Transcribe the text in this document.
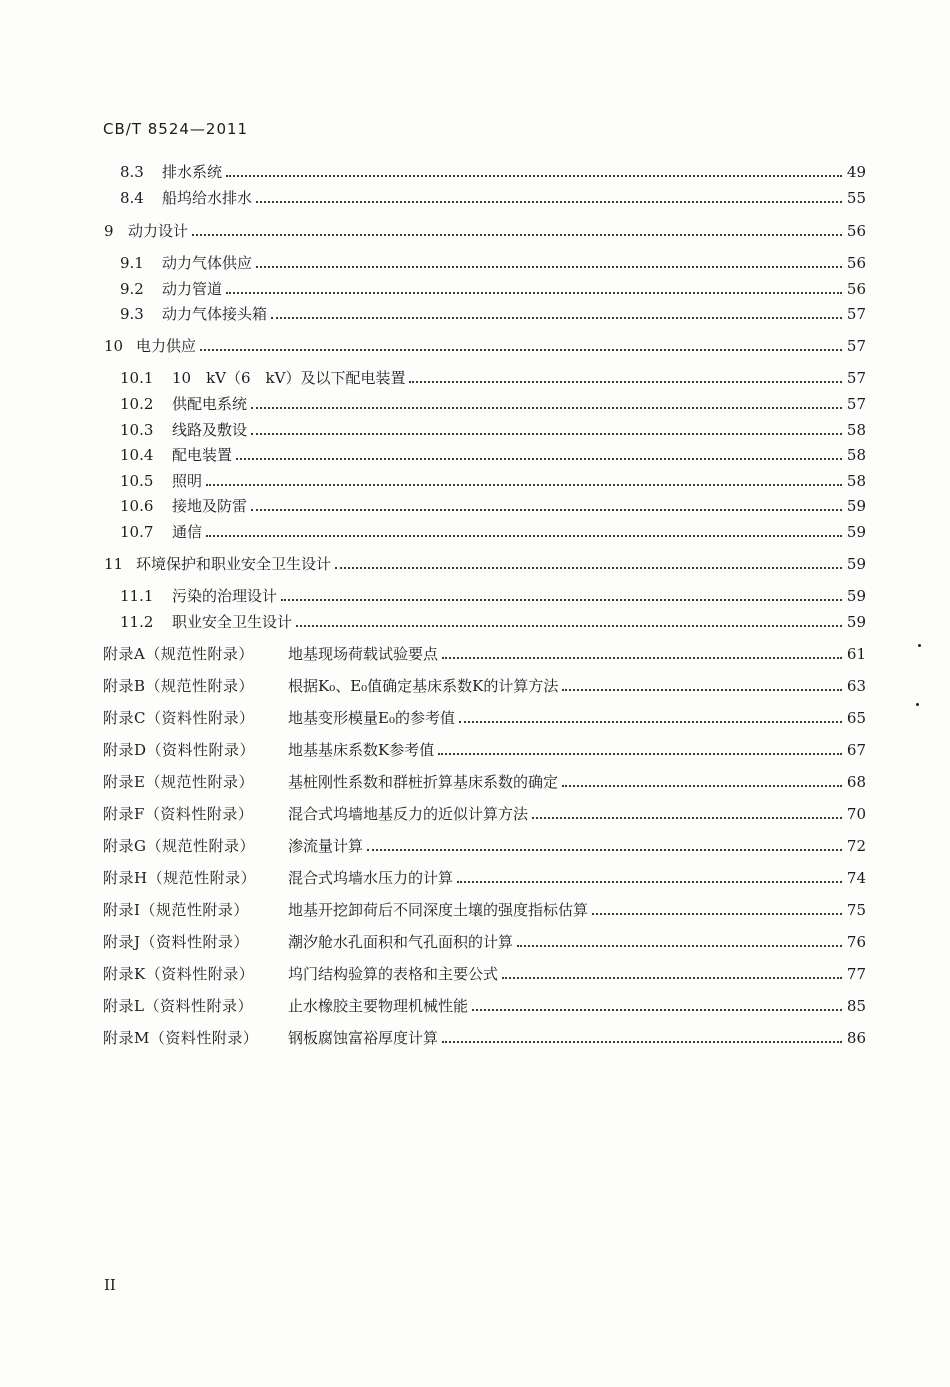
CB/T 8524—2011
8.3	排水系统	49
8.4	船坞给水排水	55
9 动力设计	56
9.1	动力气体供应	56
9.2	动力管道	56
9.3	动力气体接头箱	57
10 电力供应	57
10.1	10　kV（6　kV）及以下配电装置	57
10.2	供配电系统	57
10.3	线路及敷设	58
10.4	配电装置	58
10.5	照明	58
10.6	接地及防雷	59
10.7	通信	59
11 环境保护和职业安全卫生设计	59
11.1	污染的治理设计	59
11.2	职业安全卫生设计	59
附录A（规范性附录）	地基现场荷载试验要点	61
附录B（规范性附录）	根据K₀、E₀值确定基床系数K的计算方法	63
附录C（资料性附录）	地基变形模量E₀的参考值	65
附录D（资料性附录）	地基基床系数K参考值	67
附录E（规范性附录）	基桩刚性系数和群桩折算基床系数的确定	68
附录F（资料性附录）	混合式坞墙地基反力的近似计算方法	70
附录G（规范性附录）	渗流量计算	72
附录H（规范性附录）	混合式坞墙水压力的计算	74
附录I（规范性附录）	地基开挖卸荷后不同深度土壤的强度指标估算	75
附录J（资料性附录）	潮汐舱水孔面积和气孔面积的计算	76
附录K（资料性附录）	坞门结构验算的表格和主要公式	77
附录L（资料性附录）	止水橡胶主要物理机械性能	85
附录M（资料性附录）	钢板腐蚀富裕厚度计算	86
II
